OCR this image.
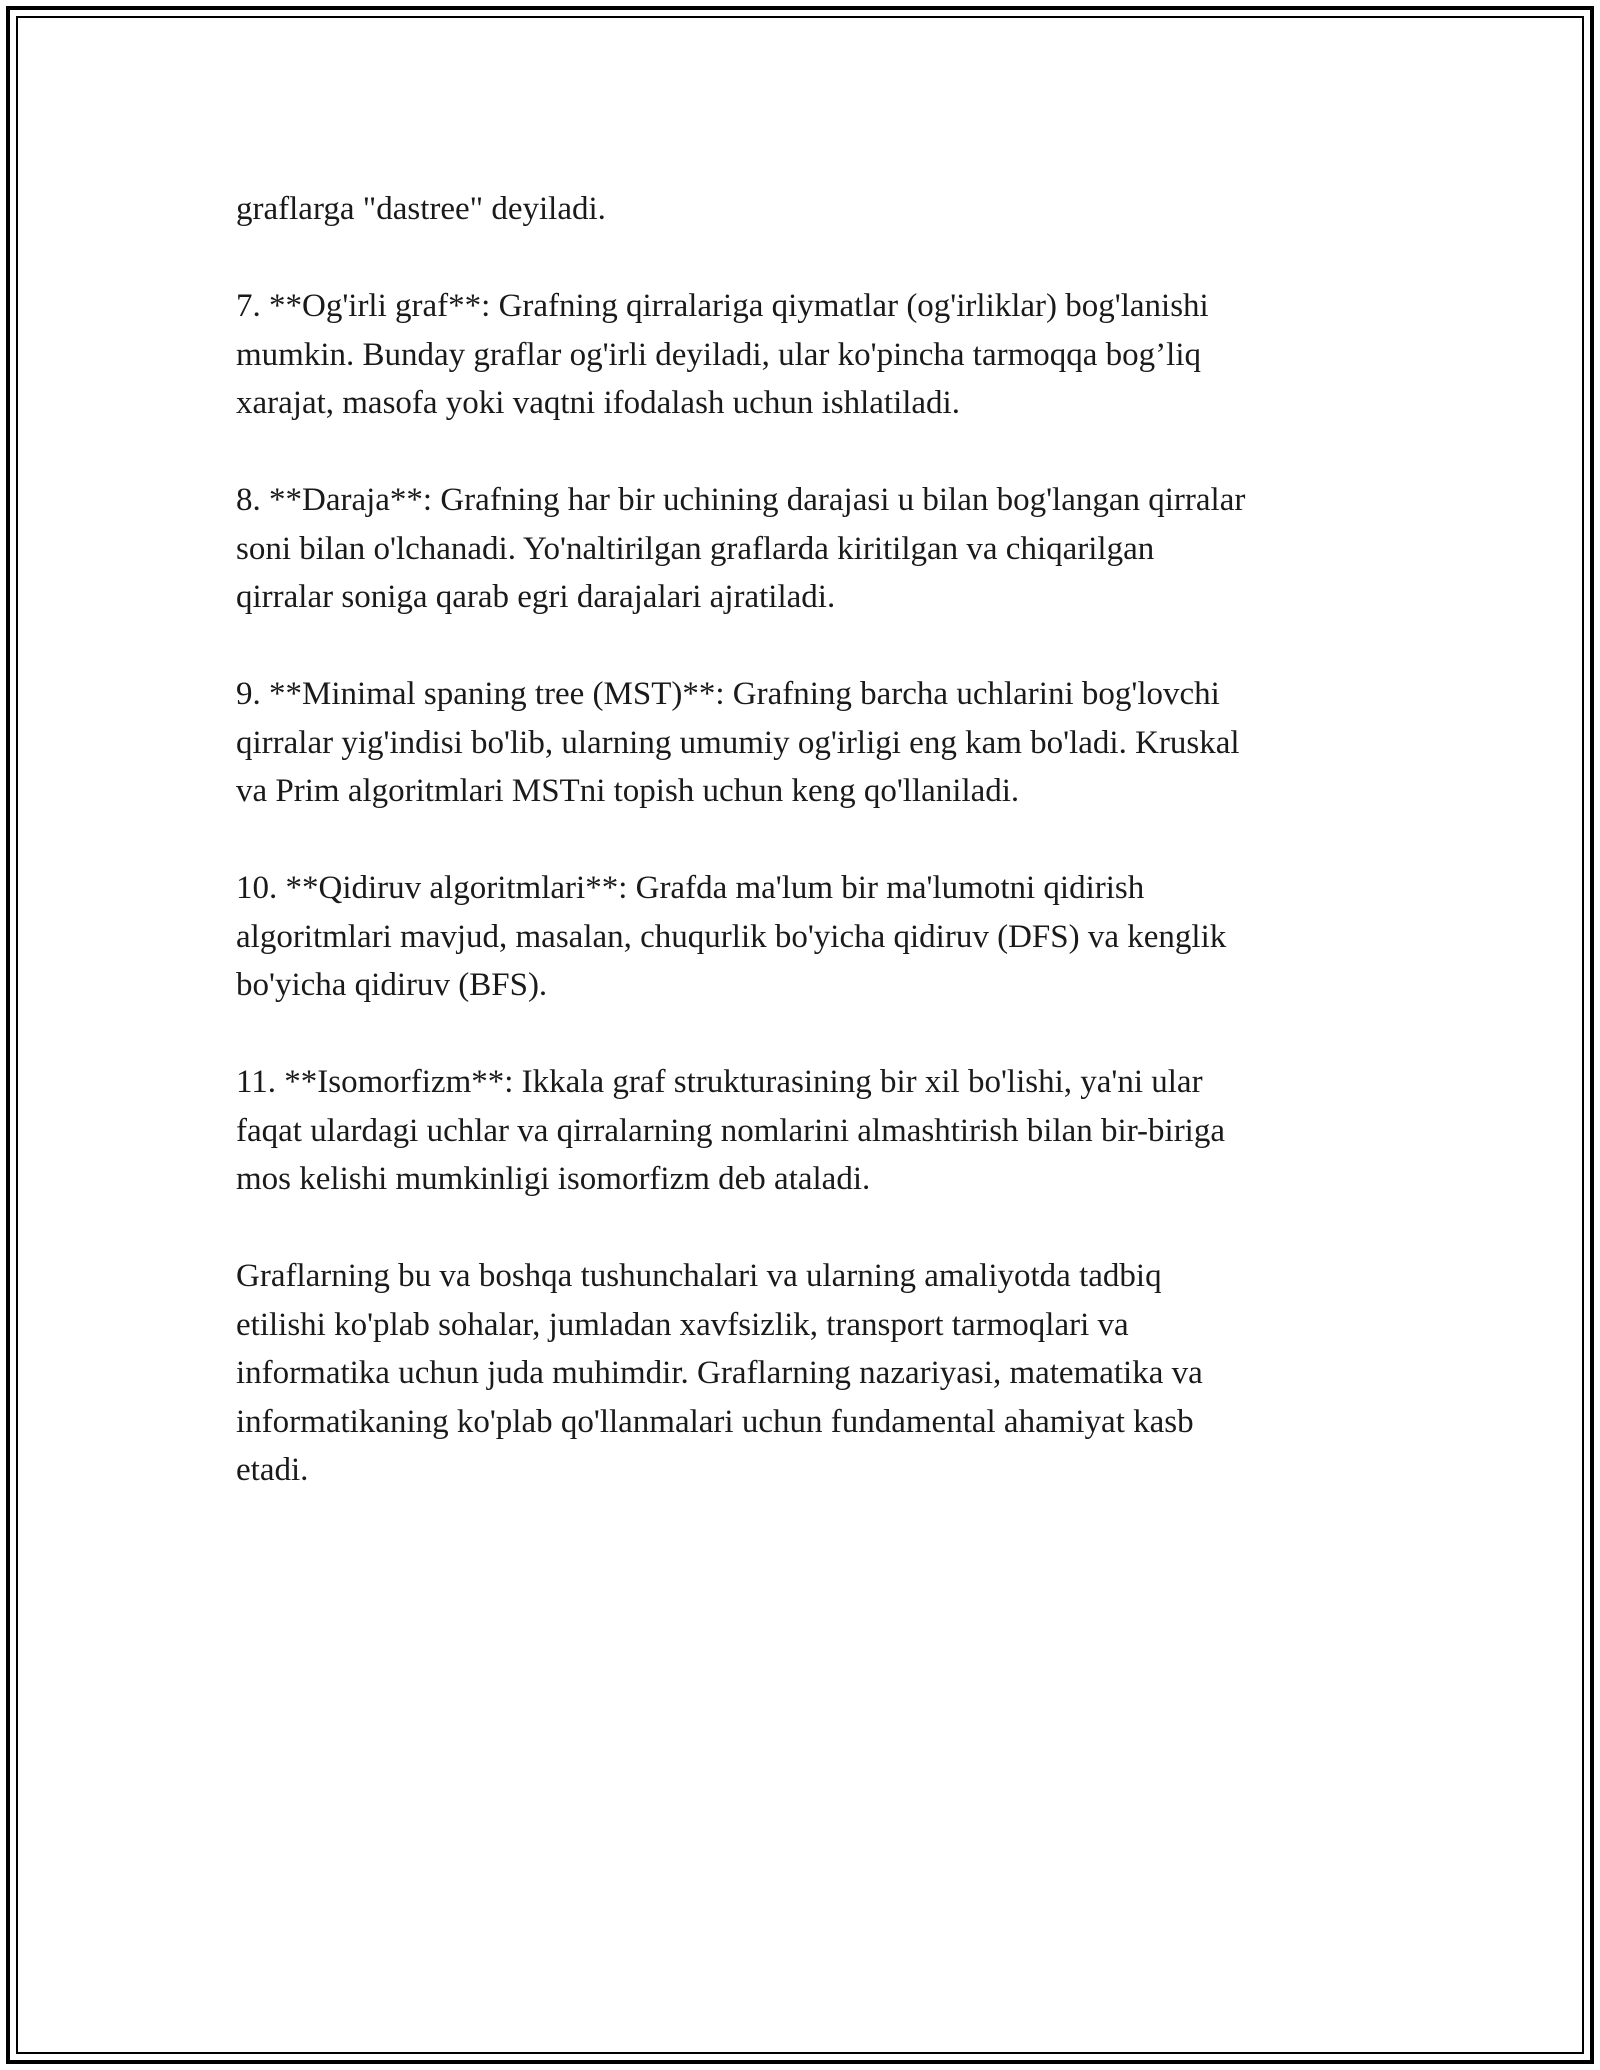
graflarga "dastree" deyiladi.

7. **Og'irli graf**: Grafning qirralariga qiymatlar (og'irliklar) bog'lanishi
mumkin. Bunday graflar og'irli deyiladi, ular ko'pincha tarmoqqa bog’liq
xarajat, masofa yoki vaqtni ifodalash uchun ishlatiladi.

8. **Daraja**: Grafning har bir uchining darajasi u bilan bog'langan qirralar
soni bilan o'lchanadi. Yo'naltirilgan graflarda kiritilgan va chiqarilgan
qirralar soniga qarab egri darajalari ajratiladi.

9. **Minimal spaning tree (MST)**: Grafning barcha uchlarini bog'lovchi
qirralar yig'indisi bo'lib, ularning umumiy og'irligi eng kam bo'ladi. Kruskal
va Prim algoritmlari MSTni topish uchun keng qo'llaniladi.

10. **Qidiruv algoritmlari**: Grafda ma'lum bir ma'lumotni qidirish
algoritmlari mavjud, masalan, chuqurlik bo'yicha qidiruv (DFS) va kenglik
bo'yicha qidiruv (BFS).

11. **Isomorfizm**: Ikkala graf strukturasining bir xil bo'lishi, ya'ni ular
faqat ulardagi uchlar va qirralarning nomlarini almashtirish bilan bir-biriga
mos kelishi mumkinligi isomorfizm deb ataladi.

Graflarning bu va boshqa tushunchalari va ularning amaliyotda tadbiq
etilishi ko'plab sohalar, jumladan xavfsizlik, transport tarmoqlari va
informatika uchun juda muhimdir. Graflarning nazariyasi, matematika va
informatikaning ko'plab qo'llanmalari uchun fundamental ahamiyat kasb
etadi.
